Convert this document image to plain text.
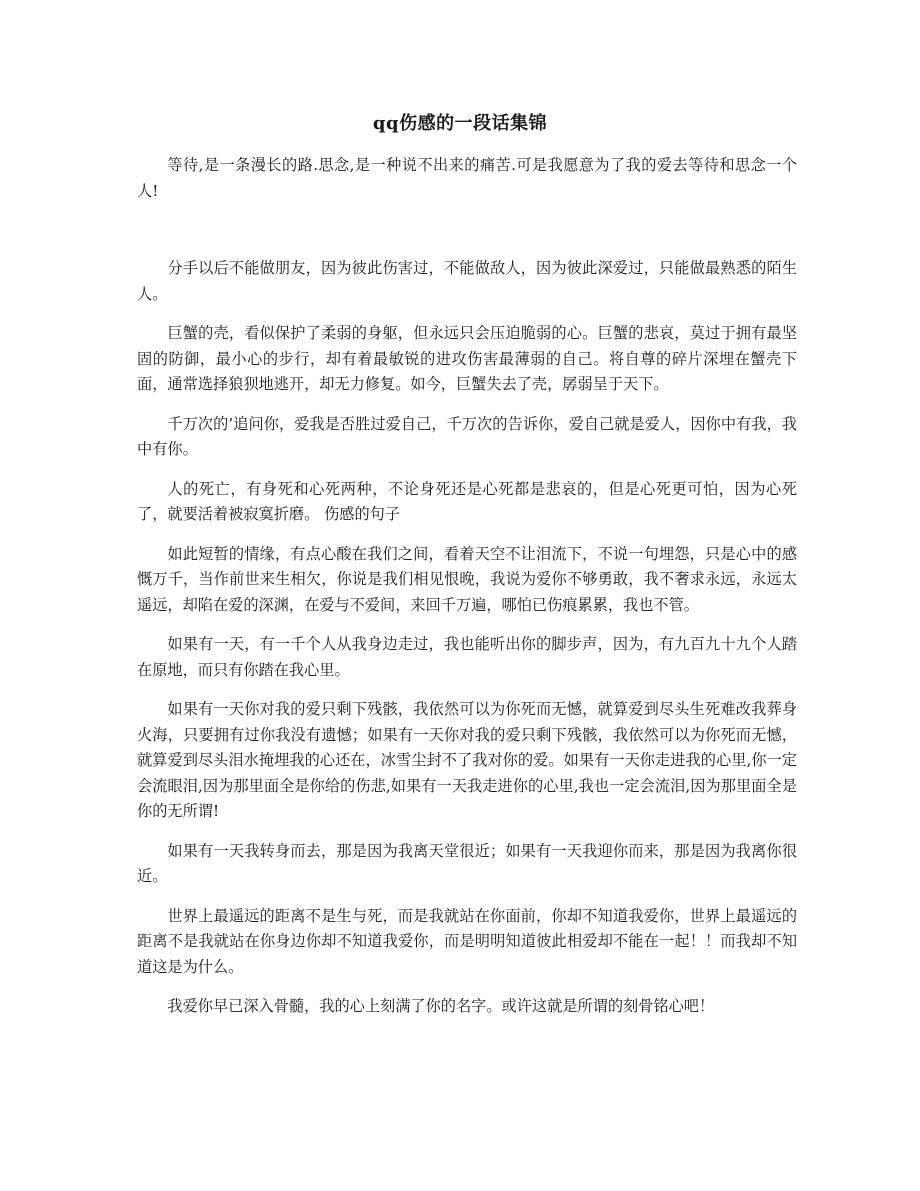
qq伤感的一段话集锦

等待,是一条漫长的路.思念,是一种说不出来的痛苦.可是我愿意为了我的爱去等待和思念一个人!

分手以后不能做朋友，因为彼此伤害过，不能做敌人，因为彼此深爱过，只能做最熟悉的陌生人。

巨蟹的壳，看似保护了柔弱的身躯，但永远只会压迫脆弱的心。巨蟹的悲哀，莫过于拥有最坚固的防御，最小心的步行，却有着最敏锐的进攻伤害最薄弱的自己。将自尊的碎片深埋在蟹壳下面，通常选择狼狈地逃开，却无力修复。如今，巨蟹失去了壳，孱弱呈于天下。

千万次的’追问你，爱我是否胜过爱自己，千万次的告诉你，爱自己就是爱人，因你中有我，我中有你。

人的死亡，有身死和心死两种，不论身死还是心死都是悲哀的，但是心死更可怕，因为心死了，就要活着被寂寞折磨。 伤感的句子

如此短暂的情缘，有点心酸在我们之间，看着天空不让泪流下，不说一句埋怨，只是心中的感慨万千，当作前世来生相欠，你说是我们相见恨晚，我说为爱你不够勇敢，我不奢求永远，永远太遥远，却陷在爱的深渊，在爱与不爱间，来回千万遍，哪怕已伤痕累累，我也不管。

如果有一天，有一千个人从我身边走过，我也能听出你的脚步声，因为，有九百九十九个人踏在原地，而只有你踏在我心里。

如果有一天你对我的爱只剩下残骸，我依然可以为你死而无憾，就算爱到尽头生死难改我葬身火海，只要拥有过你我没有遗憾；如果有一天你对我的爱只剩下残骸，我依然可以为你死而无憾，就算爱到尽头泪水掩埋我的心还在，冰雪尘封不了我对你的爱。如果有一天你走进我的心里,你一定会流眼泪,因为那里面全是你给的伤悲,如果有一天我走进你的心里,我也一定会流泪,因为那里面全是你的无所谓!

如果有一天我转身而去，那是因为我离天堂很近；如果有一天我迎你而来，那是因为我离你很近。

世界上最遥远的距离不是生与死，而是我就站在你面前，你却不知道我爱你，世界上最遥远的距离不是我就站在你身边你却不知道我爱你，而是明明知道彼此相爱却不能在一起！！而我却不知道这是为什么。

我爱你早已深入骨髓，我的心上刻满了你的名字。或许这就是所谓的刻骨铭心吧！
